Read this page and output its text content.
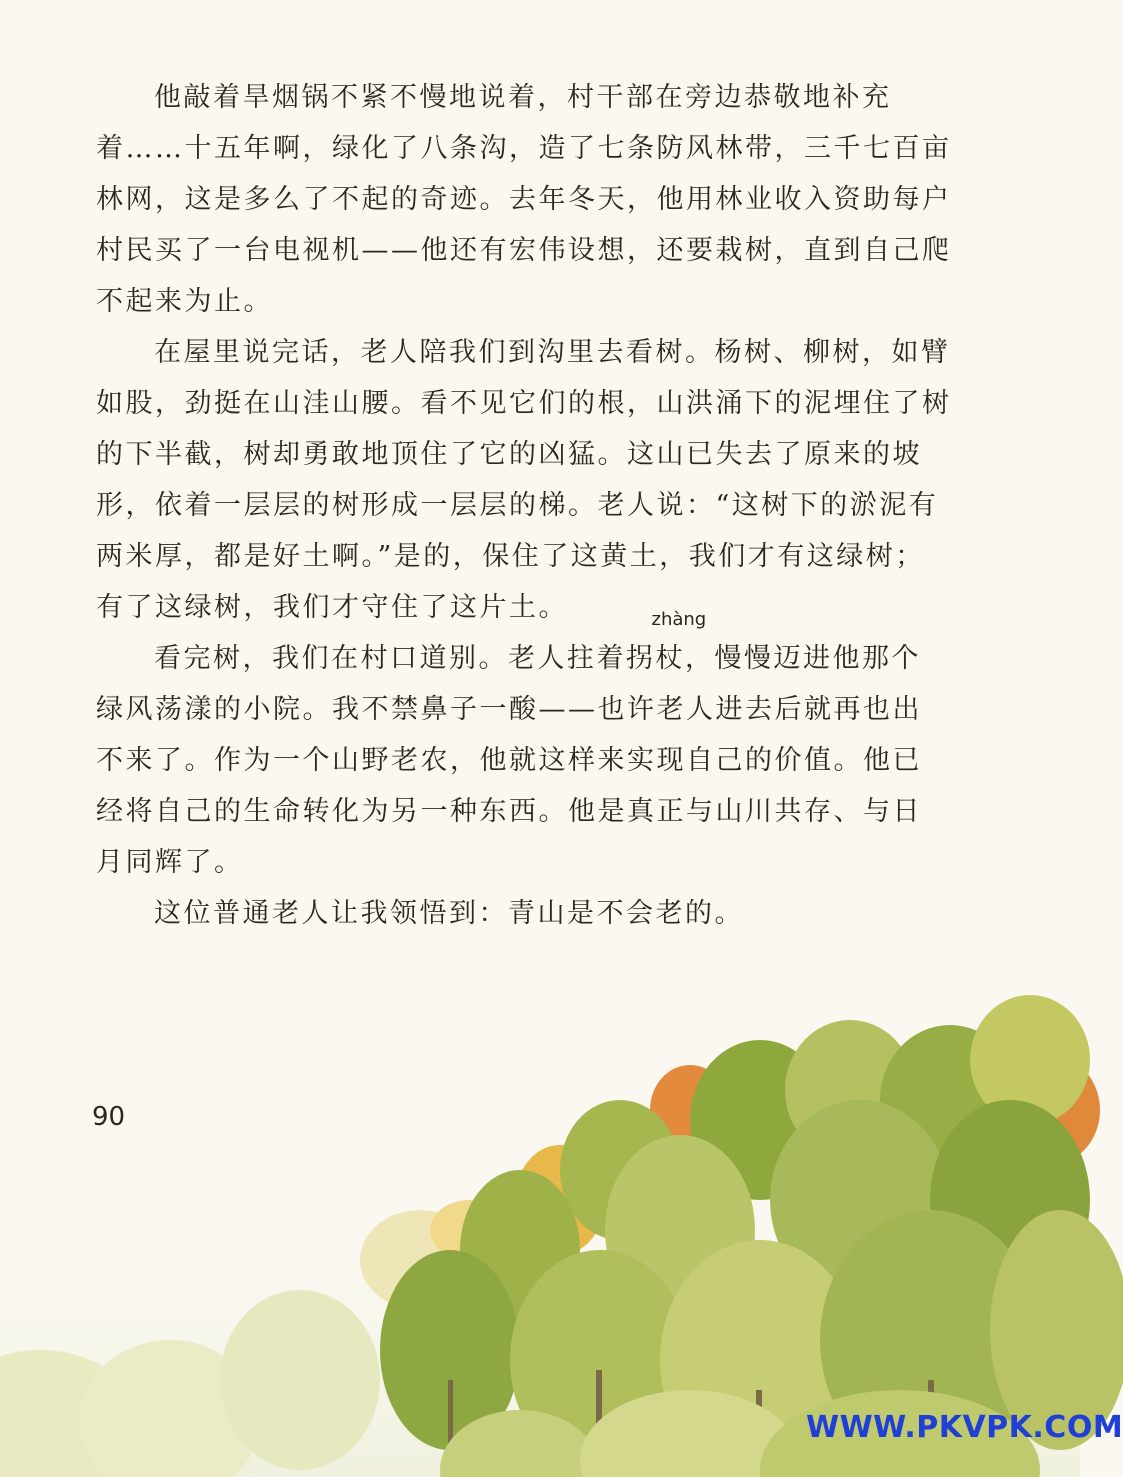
他敲着旱烟锅不紧不慢地说着，村干部在旁边恭敬地补充
着……十五年啊，绿化了八条沟，造了七条防风林带，三千七百亩
林网，这是多么了不起的奇迹。去年冬天，他用林业收入资助每户
村民买了一台电视机——他还有宏伟设想，还要栽树，直到自己爬
不起来为止。
在屋里说完话，老人陪我们到沟里去看树。杨树、柳树，如臂
如股，劲挺在山洼山腰。看不见它们的根，山洪涌下的泥埋住了树
的下半截，树却勇敢地顶住了它的凶猛。这山已失去了原来的坡
形，依着一层层的树形成一层层的梯。老人说：“这树下的淤泥有
两米厚，都是好土啊。”是的，保住了这黄土，我们才有这绿树；
有了这绿树，我们才守住了这片土。
看完树，我们在村口道别。老人拄着拐
zhàng
杖，慢慢迈进他那个
绿风荡漾的小院。我不禁鼻子一酸——也许老人进去后就再也出
不来了。作为一个山野老农，他就这样来实现自己的价值。他已
经将自己的生命转化为另一种东西。他是真正与山川共存、与日
月同辉了。
这位普通老人让我领悟到：青山是不会老的。
90
WWW.PKVPK.COM
